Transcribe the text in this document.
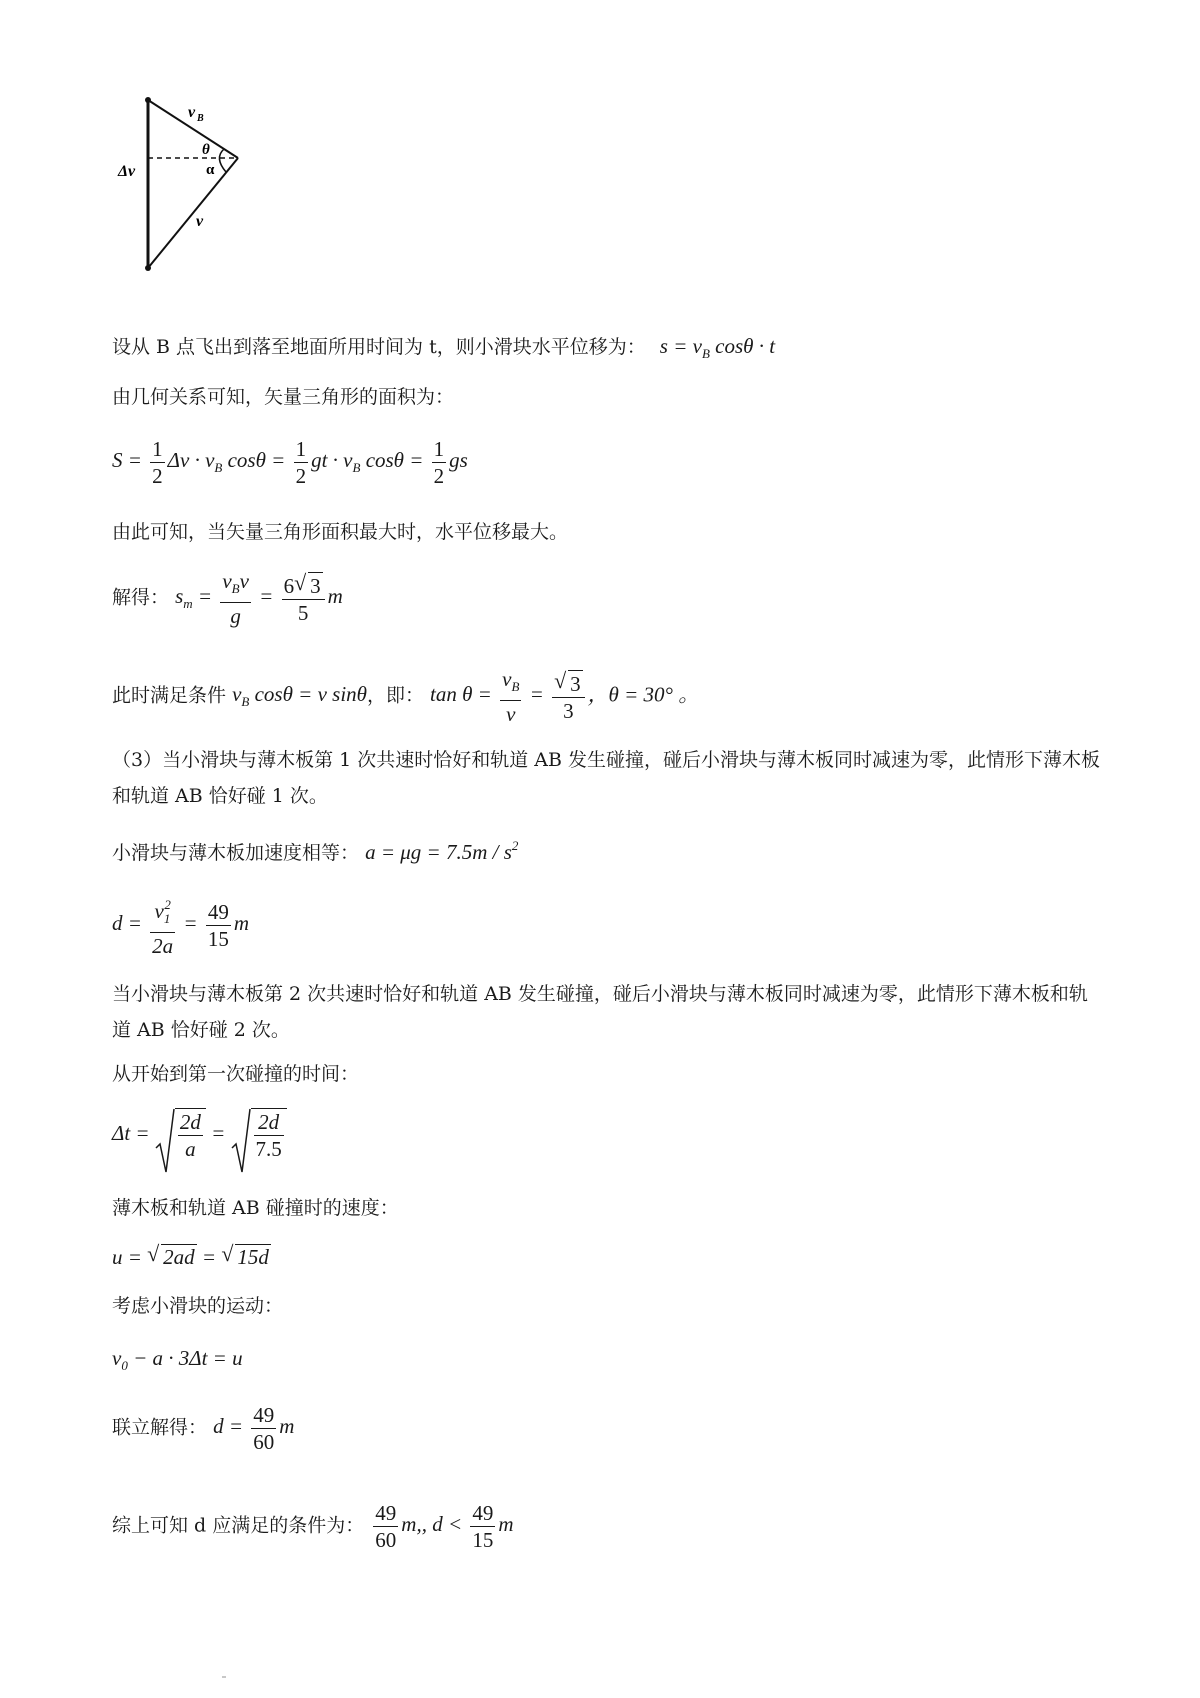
v B
θ
α
Δv
v
设从 B 点飞出到落至地面所用时间为 t，则小滑块水平位移为： $s = v_B$ cosθ · t
由几何关系可知，矢量三角形的面积为：
$S = \frac{1}{2}$ $\Delta v \cdot v_B$ $\cos\theta = \frac{1}{2}$ gt · $v_B$ $\cos\theta = \frac{1}{2}$ gs
由此可知，当矢量三角形面积最大时，水平位移最大。
解得： $s_m = \frac{v_Bv}{g} = \frac{6 √ 3}{5}$ m
此时满足条件 $v_B$ cosθ = v sinθ，即： $\tan \theta = \frac{v_B}{v}$ = √ $\frac{3}{3}$ ，θ = 30° 。
（3）当小滑块与薄木板第 1 次共速时恰好和轨道 AB 发生碰撞，碰后小滑块与薄木板同时减速为零，此情形下薄木板和轨道 AB 恰好碰 1 次。
小滑块与薄木板加速度相等： $a = \mu g = 7.5m / s^2$
$d = \frac{v_1^2}{2a} = \frac{49}{15}$ m
当小滑块与薄木板第 2 次共速时恰好和轨道 AB 发生碰撞，碰后小滑块与薄木板同时减速为零，此情形下薄木板和轨道 AB 恰好碰 2 次。
从开始到第一次碰撞的时间：
$\Delta t = \frac{2d}{a} = \frac{2d}{7.5}$
薄木板和轨道 AB 碰撞时的速度：
u = √ 2ad = √ 15d
考虑小滑块的运动：
$v_0 - a \cdot 3\Delta t = u$
联立解得： $d = \frac{49}{60}$ m
综上可知 d 应满足的条件为： $\frac{49}{60} m$,, $d < \frac{49}{15}$ m
